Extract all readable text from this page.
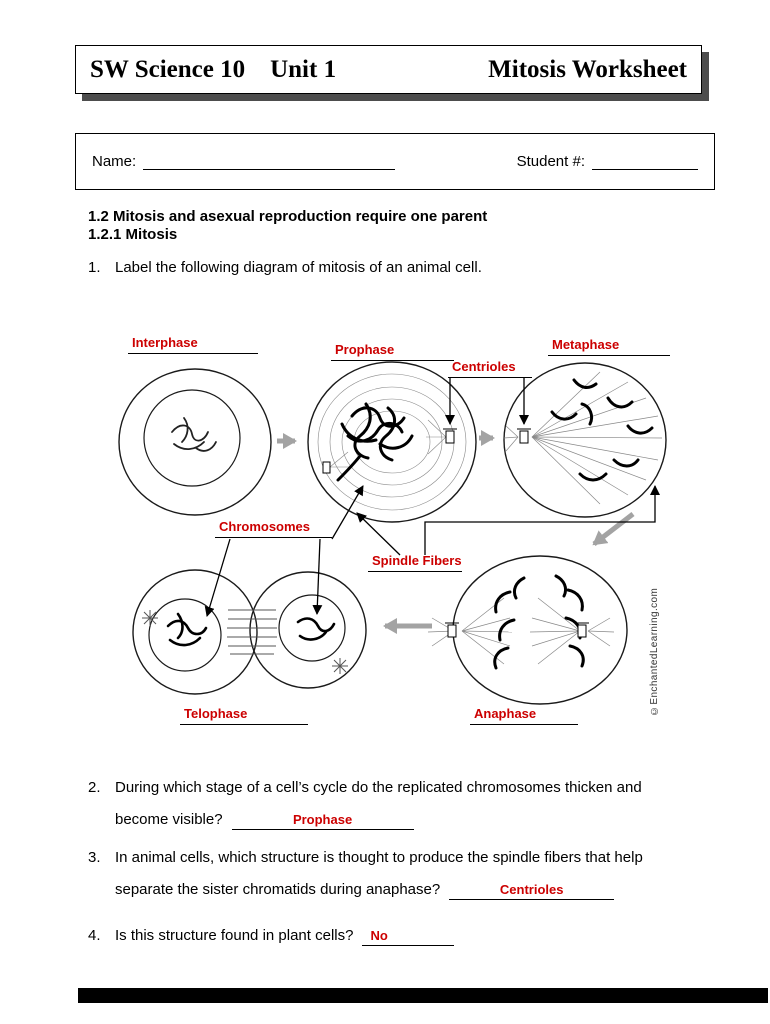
SW Science 10    Unit 1	Mitosis Worksheet
Name:	Student #:
1.2 Mitosis and asexual reproduction require one parent
1.2.1 Mitosis
1. Label the following diagram of mitosis of an animal cell.
Interphase	Prophase	Metaphase
Centrioles
Chromosomes
Spindle Fibers
Telophase	Anaphase	©EnchantedLearning.com
2. During which stage of a cell’s cycle do the replicated chromosomes thicken and
become visible?	Prophase
3. In animal cells, which structure is thought to produce the spindle fibers that help
separate the sister chromatids during anaphase?	Centrioles
4. Is this structure found in plant cells?	No
